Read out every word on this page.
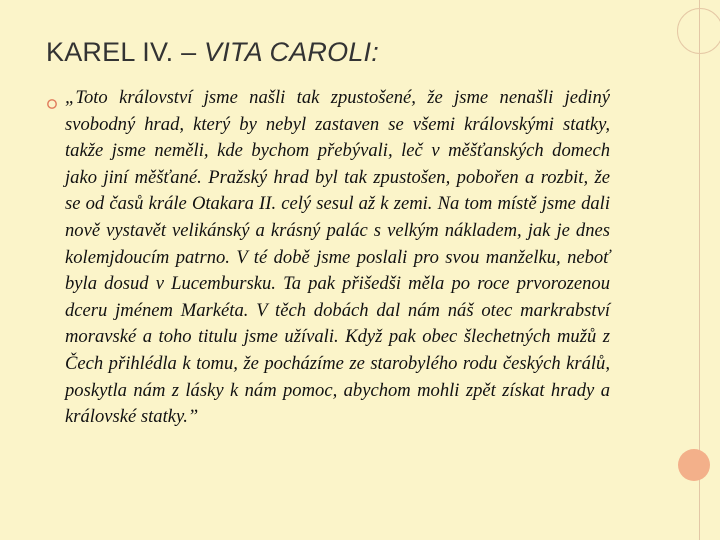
KAREL IV. – VITA CAROLI:

„Toto království jsme našli tak zpustošené, že jsme nenašli jediný svobodný hrad, který by nebyl zastaven se všemi královskými statky, takže jsme neměli, kde bychom přebývali, leč v měšťanských domech jako jiní měšťané. Pražský hrad byl tak zpustošen, pobořen a rozbit, že se od časů krále Otakara II. celý sesul až k zemi. Na tom místě jsme dali nově vystavět velikánský a krásný palác s velkým nákladem, jak je dnes kolemjdoucím patrno. V té době jsme poslali pro svou manželku, neboť byla dosud v Lucembursku. Ta pak přišedši měla po roce prvorozenou dceru jménem Markéta. V těch dobách dal nám náš otec markrabství moravské a toho titulu jsme užívali. Když pak obec šlechetných mužů z Čech přihlédla k tomu, že pocházíme ze starobylého rodu českých králů, poskytla nám z lásky k nám pomoc, abychom mohli zpět získat hrady a královské statky.”
